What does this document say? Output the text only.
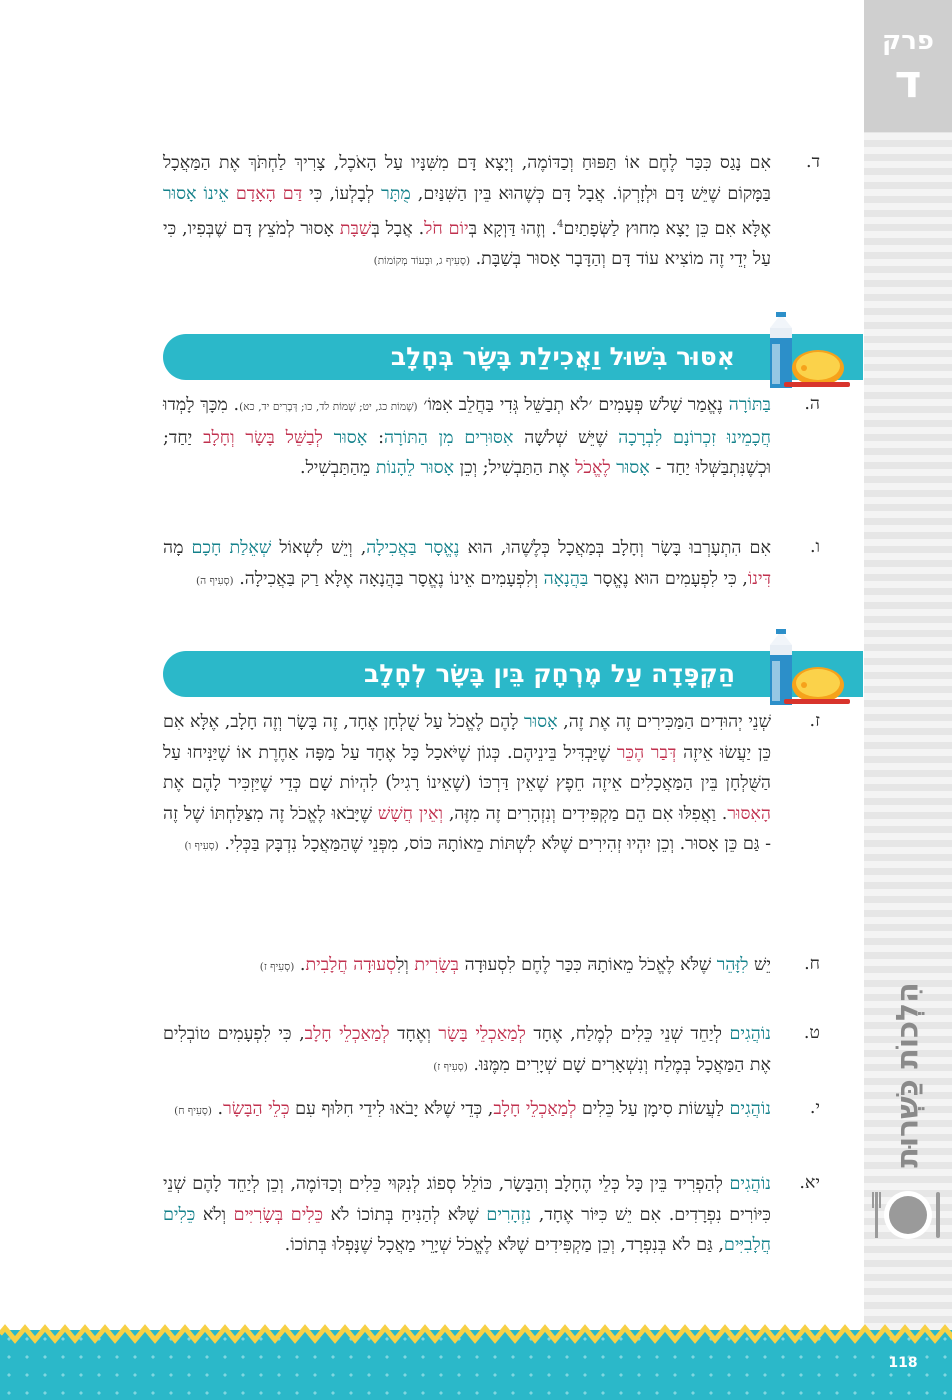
פרק
ד
הִלְכוֹת כַּשְׁרוּת
ד.
אִם נָגַס כִּכַּר לֶחֶם אוֹ תַּפּוּחַ וְכַדּוֹמֶה, וְיָצָא דָּם מִשִּׁנָּיו עַל הָאֹכֶל, צָרִיךְ לַחְתֹּךְ אֶת הַמַּאֲכָל בַּמָּקוֹם שֶׁיֵּשׁ דָּם וּלְזָרְקוֹ. אֲבָל דָּם כְּשֶׁהוּא בֵּין הַשִּׁנַּיִם, מֻתָּר לְבָלְעוֹ, כִּי דַּם הָאָדָם אֵינוֹ אָסוּר אֶלָּא אִם כֵּן יָצָא מִחוּץ לַשְּׂפָתַיִם$^4$. וְזֶהוּ דַּוְקָא בְּיוֹם חֹל. אֲבָל בְּשַׁבָּת אָסוּר לְמֹצֵץ דָּם שֶׁבְּפִיו, כִּי עַל יְדֵי זֶה מוֹצִיא עוֹד דָּם וְהַדָּבָר אָסוּר בְּשַׁבָּת. (סְעִיף ג, וּבְעוֹד מְקוֹמוֹת)
אִסּוּר בִּשּׁוּל וַאֲכִילַת בָּשָׂר בְּחָלָב
ה.
בַּתּוֹרָה נֶאֱמַר שָׁלֹשׁ פְּעָמִים ׳לֹא תְבַשֵּׁל גְּדִי בַּחֲלֵב אִמּוֹ׳ (שְׁמוֹת כג, יט; שְׁמוֹת לד, כו; דְּבָרִים יד, כא). מִכָּךְ לָמְדוּ חֲכָמֵינוּ זִכְרוֹנָם לִבְרָכָה שֶׁיֵּשׁ שְׁלֹשָׁה אִסּוּרִים מִן הַתּוֹרָה: אָסוּר לְבַשֵּׁל בָּשָׂר וְחָלָב יַחַד; וּכְשֶׁנִּתְבַּשְּׁלוּ יַחַד - אָסוּר לֶאֱכֹל אֶת הַתַּבְשִׁיל; וְכֵן אָסוּר לֵהָנוֹת מֵהַתַּבְשִׁיל.
ו.
אִם הִתְעָרְבוּ בָּשָׂר וְחָלָב בְּמַאֲכָל כְּלֶשֶׁהוּ, הוּא נֶאֱסָר בַּאֲכִילָה, וְיֵשׁ לִשְׁאוֹל שְׁאֵלַת חָכָם מָה דִּינוֹ, כִּי לִפְעָמִים הוּא נֶאֱסָר בַּהֲנָאָה וְלִפְעָמִים אֵינוֹ נֶאֱסָר בַּהֲנָאָה אֶלָּא רַק בַּאֲכִילָה. (סְעִיף ה)
הַקְפָּדָה עַל מֶרְחָק בֵּין בָּשָׂר לְחָלָב
ז.
שְׁנֵי יְהוּדִים הַמַּכִּירִים זֶה אֶת זֶה, אָסוּר לָהֶם לֶאֱכֹל עַל שֻׁלְחָן אֶחָד, זֶה בָּשָׂר וְזֶה חָלָב, אֶלָּא אִם כֵּן יַעֲשׂוּ אֵיזֶה דְּבַר הֶכֵּר שֶׁיַּבְדִּיל בֵּינֵיהֶם. כְּגוֹן שֶׁיֹּאכַל כָּל אֶחָד עַל מַפָּה אַחֶרֶת אוֹ שֶׁיַּנִּיחוּ עַל הַשֻּׁלְחָן בֵּין הַמַּאֲכָלִים אֵיזֶה חֵפֶץ שֶׁאֵין דַּרְכּוֹ (שֶׁאֵינוֹ רָגִיל) לִהְיוֹת שָׁם כְּדֵי שֶׁיַּזְכִּיר לָהֶם אֶת הָאִסּוּר. וַאֲפִלּוּ אִם הֵם מַקְפִּידִים וְנִזְהָרִים זֶה מִזֶּה, וְאֵין חֲשָׁשׁ שֶׁיָּבֹאוּ לֶאֱכֹל זֶה מִצַּלַּחְתּוֹ שֶׁל זֶה - גַּם כֵּן אָסוּר. וְכֵן יִהְיוּ זְהִירִים שֶׁלֹּא לִשְׁתּוֹת מֵאוֹתָהּ כּוֹס, מִפְּנֵי שֶׁהַמַּאֲכָל נִדְבָּק בַּכְּלִי. (סְעִיף ו)
ח.
יֵשׁ לִזָּהֵר שֶׁלֹּא לֶאֱכֹל מֵאוֹתָהּ כִּכַּר לֶחֶם לִסְעוּדָה בְּשָׂרִית וְלִסְעוּדָה חֲלָבִית. (סְעִיף ז)
ט.
נוֹהֲגִים לְיַחֵד שְׁנֵי כֵּלִים לְמֶלַח, אֶחָד לְמַאַכְלֵי בָּשָׂר וְאֶחָד לְמַאַכְלֵי חָלָב, כִּי לִפְעָמִים טוֹבְלִים אֶת הַמַּאֲכָל בְּמֶלַח וְנִשְׁאָרִים שָׁם שְׁיָרִים מִמֶּנּוּ. (סְעִיף ז)
י.
נוֹהֲגִים לַעֲשׂוֹת סִימָן עַל כֵּלִים לְמַאַכְלֵי חָלָב, כְּדֵי שֶׁלֹּא יָבֹאוּ לִידֵי חִלּוּף עִם כְּלֵי הַבָּשָׂר. (סְעִיף ח)
יא.
נוֹהֲגִים לְהַפְרִיד בֵּין כָּל כְּלֵי הֶחָלָב וְהַבָּשָׂר, כּוֹלֵל סְפוֹג לְנִקּוּי כֵּלִים וְכַדּוֹמֶה, וְכֵן לְיַחֵד לָהֶם שְׁנֵי כִּיּוֹרִים נִפְרָדִים. אִם יֵשׁ כִּיּוֹר אֶחָד, נִזְהָרִים שֶׁלֹּא לְהַנִּיחַ בְּתוֹכוֹ לֹא כֵּלִים בְּשָׂרִיִּים וְלֹא כֵּלִים חֲלָבִיִּים, גַּם לֹא בְּנִפְרָד, וְכֵן מַקְפִּידִים שֶׁלֹּא לֶאֱכֹל שְׁיָרֵי מַאֲכָל שֶׁנָּפְלוּ בְּתוֹכוֹ.
118
